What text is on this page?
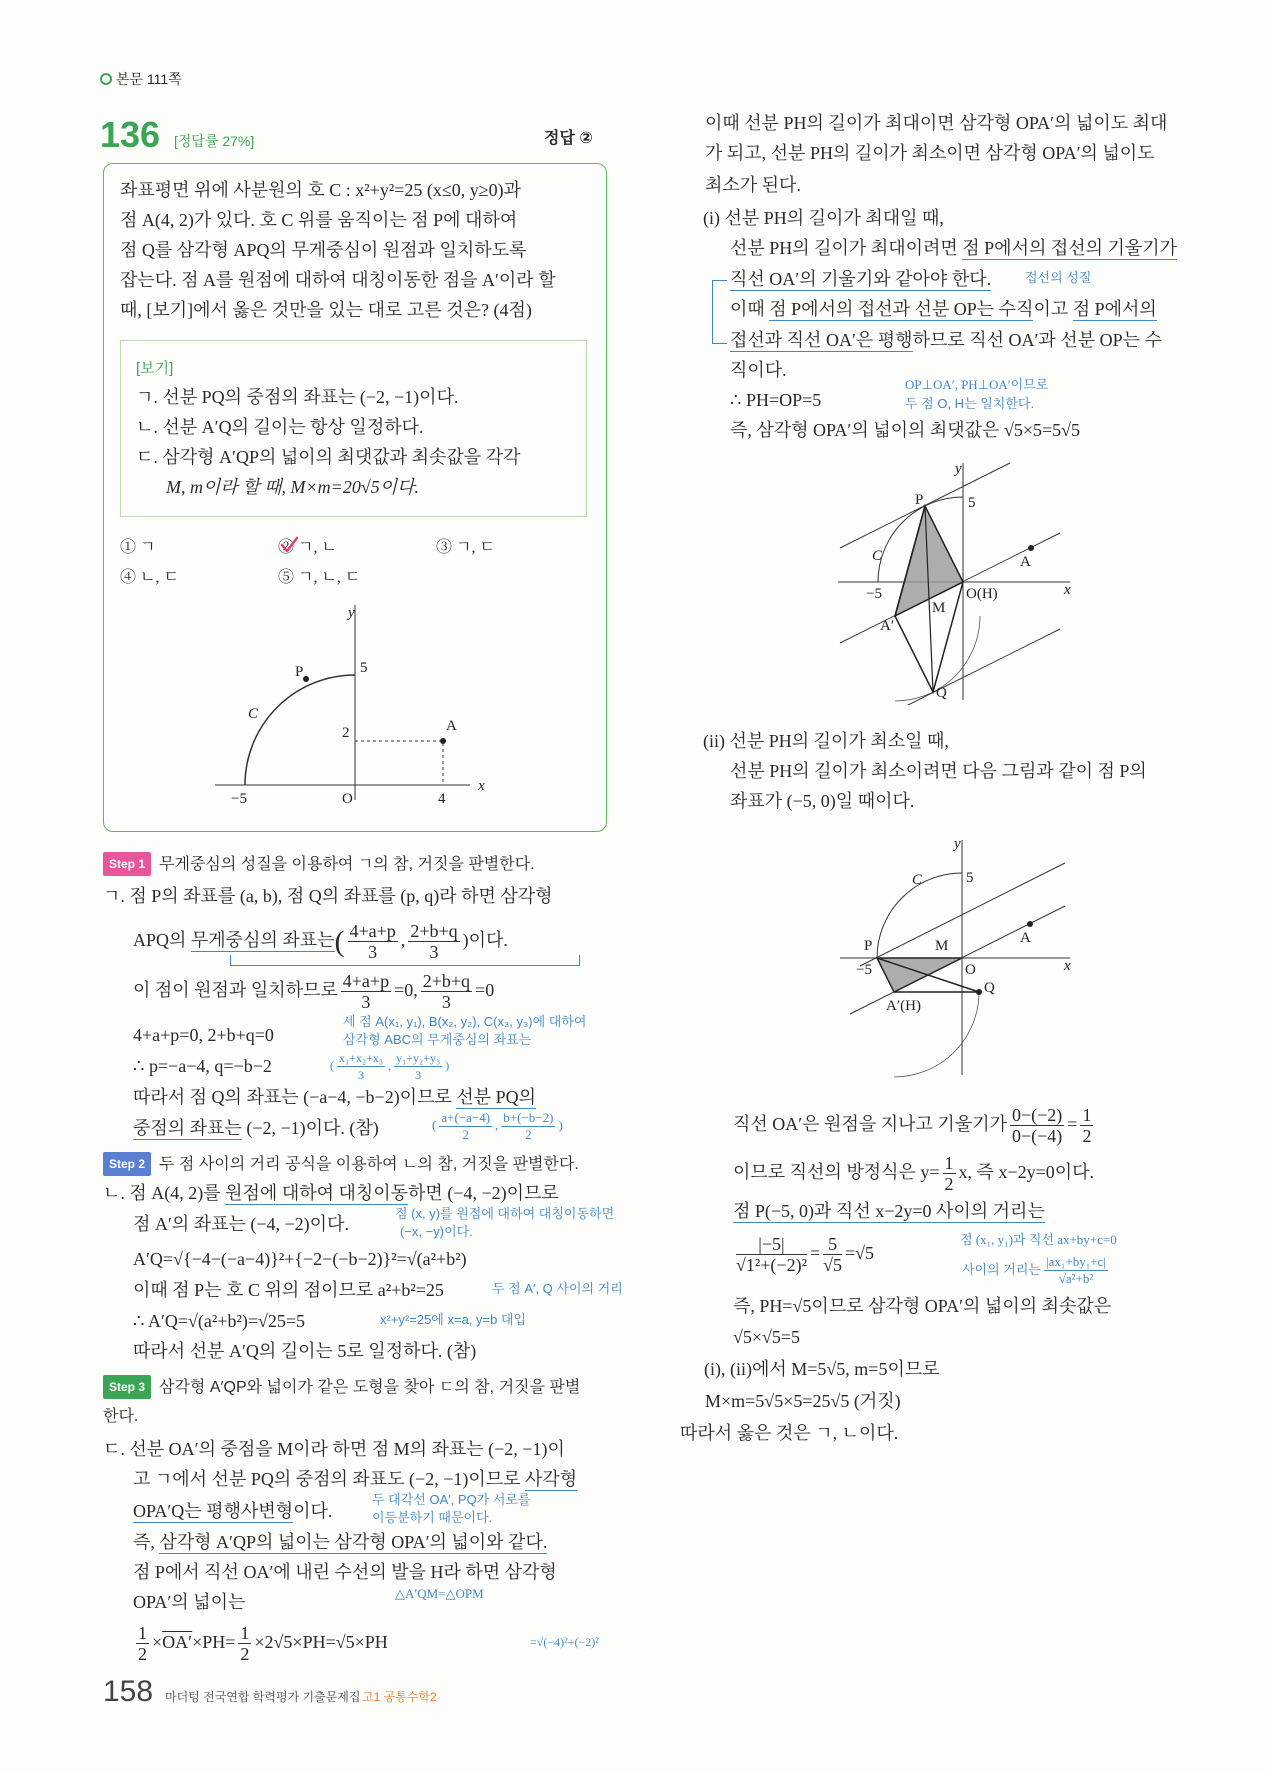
본문 111쪽
136 [정답률 27%]	정답 ②
좌표평면 위에 사분원의 호 C : x²+y²=25 (x≤0, y≥0)과
점 A(4, 2)가 있다. 호 C 위를 움직이는 점 P에 대하여
점 Q를 삼각형 APQ의 무게중심이 원점과 일치하도록
잡는다. 점 A를 원점에 대하여 대칭이동한 점을 A′이라 할
때, [보기]에서 옳은 것만을 있는 대로 고른 것은? (4점)
[보기]
ㄱ. 선분 PQ의 중점의 좌표는 (−2, −1)이다.
ㄴ. 선분 A′Q의 길이는 항상 일정하다.
ㄷ. 삼각형 A′QP의 넓이의 최댓값과 최솟값을 각각
M, m이라 할 때, M×m=20√5이다.
① ㄱ	② ㄱ, ㄴ	③ ㄱ, ㄷ
④ ㄴ, ㄷ	⑤ ㄱ, ㄴ, ㄷ
y
x
P
C
A
5
2
−5	O	4
Step 1 무게중심의 성질을 이용하여 ㄱ의 참, 거짓을 판별한다.
ㄱ. 점 P의 좌표를 (a, b), 점 Q의 좌표를 (p, q)라 하면 삼각형
APQ의 무게중심의 좌표는( $\frac{4+a+p}{3}$ , $\frac{2+b+q}{3}$ )이다.
이 점이 원점과 일치하므로 $\frac{4+a+p}{3} =0$, $\frac{2+b+q}{3} =0$
세 점 A(x₁, y₁), B(x₂, y₂), C(x₃, y₃)에 대하여
삼각형 ABC의 무게중심의 좌표는
4+a+p=0, 2+b+q=0
∴ p=−a−4, q=−b−2	( $\frac{\text{x₁+x₂+x₃}}{3}$ , $\frac{\text{y₁+y₂+y₃}}{3}$ )
따라서 점 Q의 좌표는 (−a−4, −b−2)이므로 선분 PQ의
중점의 좌표는 (−2, −1)이다. (참)	( $\frac{a+(-a-4)}{2}$ , $\frac{b+(-b-2)}{2}$ )
Step 2 두 점 사이의 거리 공식을 이용하여 ㄴ의 참, 거짓을 판별한다.
ㄴ. 점 A(4, 2)를 원점에 대하여 대칭이동하면 (−4, −2)이므로
점 (x, y)를 원점에 대하여 대칭이동하면
(−x, −y)이다.
점 A′의 좌표는 (−4, −2)이다.
A′Q=√{−4−(−a−4)}²+{−2−(−b−2)}²=√(a²+b²)
두 점 A′, Q 사이의 거리
이때 점 P는 호 C 위의 점이므로 a²+b²=25
x²+y²=25에 x=a, y=b 대입
∴ A′Q=√(a²+b²)=√25=5
따라서 선분 A′Q의 길이는 5로 일정하다. (참)
Step 3 삼각형 A′QP와 넓이가 같은 도형을 찾아 ㄷ의 참, 거짓을 판별
한다.
ㄷ. 선분 OA′의 중점을 M이라 하면 점 M의 좌표는 (−2, −1)이
고 ㄱ에서 선분 PQ의 중점의 좌표도 (−2, −1)이므로 사각형
OPA′Q는 평행사변형이다.
두 대각선 OA′, PQ가 서로를
이등분하기 때문이다.
즉, 삼각형 A′QP의 넓이는 삼각형 OPA′의 넓이와 같다.
점 P에서 직선 OA′에 내린 수선의 발을 H라 하면 삼각형
△A′QM=△OPM
OPA′의 넓이는
$\frac{1}{2} \times OA'\times PH= \frac{1}{2} \times 2√5\times PH=√5\times PH$	=√(−4)²+(−2)²
158 마더텅 전국연합 학력평가 기출문제집 고1 공통수학2
이때 선분 PH의 길이가 최대이면 삼각형 OPA′의 넓이도 최대
가 되고, 선분 PH의 길이가 최소이면 삼각형 OPA′의 넓이도
최소가 된다.
(i) 선분 PH의 길이가 최대일 때,
선분 PH의 길이가 최대이려면 점 P에서의 접선의 기울기가
직선 OA′의 기울기와 같아야 한다.	접선의 성질
이때 점 P에서의 접선과 선분 OP는 수직이고 점 P에서의
접선과 직선 OA′은 평행하므로 직선 OA′과 선분 OP는 수
직이다.
∴ PH=OP=5
OP⊥OA′, PH⊥OA′이므로
두 점 O, H는 일치한다.
즉, 삼각형 OPA′의 넓이의 최댓값은 √5×5=5√5
y
5
P
C	A
−5	O(H)	x
M
A′
Q
(ii) 선분 PH의 길이가 최소일 때,
선분 PH의 길이가 최소이려면 다음 그림과 같이 점 P의
좌표가 (−5, 0)일 때이다.
y
C	5
P	M	A
−5	O	x
Q
A′(H)
직선 OA′은 원점을 지나고 기울기가 $\frac{0-(-2)}{0-(-4)} = \frac{1}{2}$
이므로 직선의 방정식은 $y= \frac{1}{2} x$, 즉 x−2y=0이다.
점 P(−5, 0)과 직선 x−2y=0 사이의 거리는
$\frac{|-5|}{\text{√1²+(−2)²}} = \frac{5}{√5} =√5$
점 (x₁, y₁)과 직선 ax+by+c=0
사이의 거리는 $\frac{\text{|ax₁+by₁+c|}}{\text{√a²+b²}}$
즉, PH=√5이므로 삼각형 OPA′의 넓이의 최솟값은
√5×√5=5
(i), (ii)에서 M=5√5, m=5이므로
M×m=5√5×5=25√5 (거짓)
따라서 옳은 것은 ㄱ, ㄴ이다.
